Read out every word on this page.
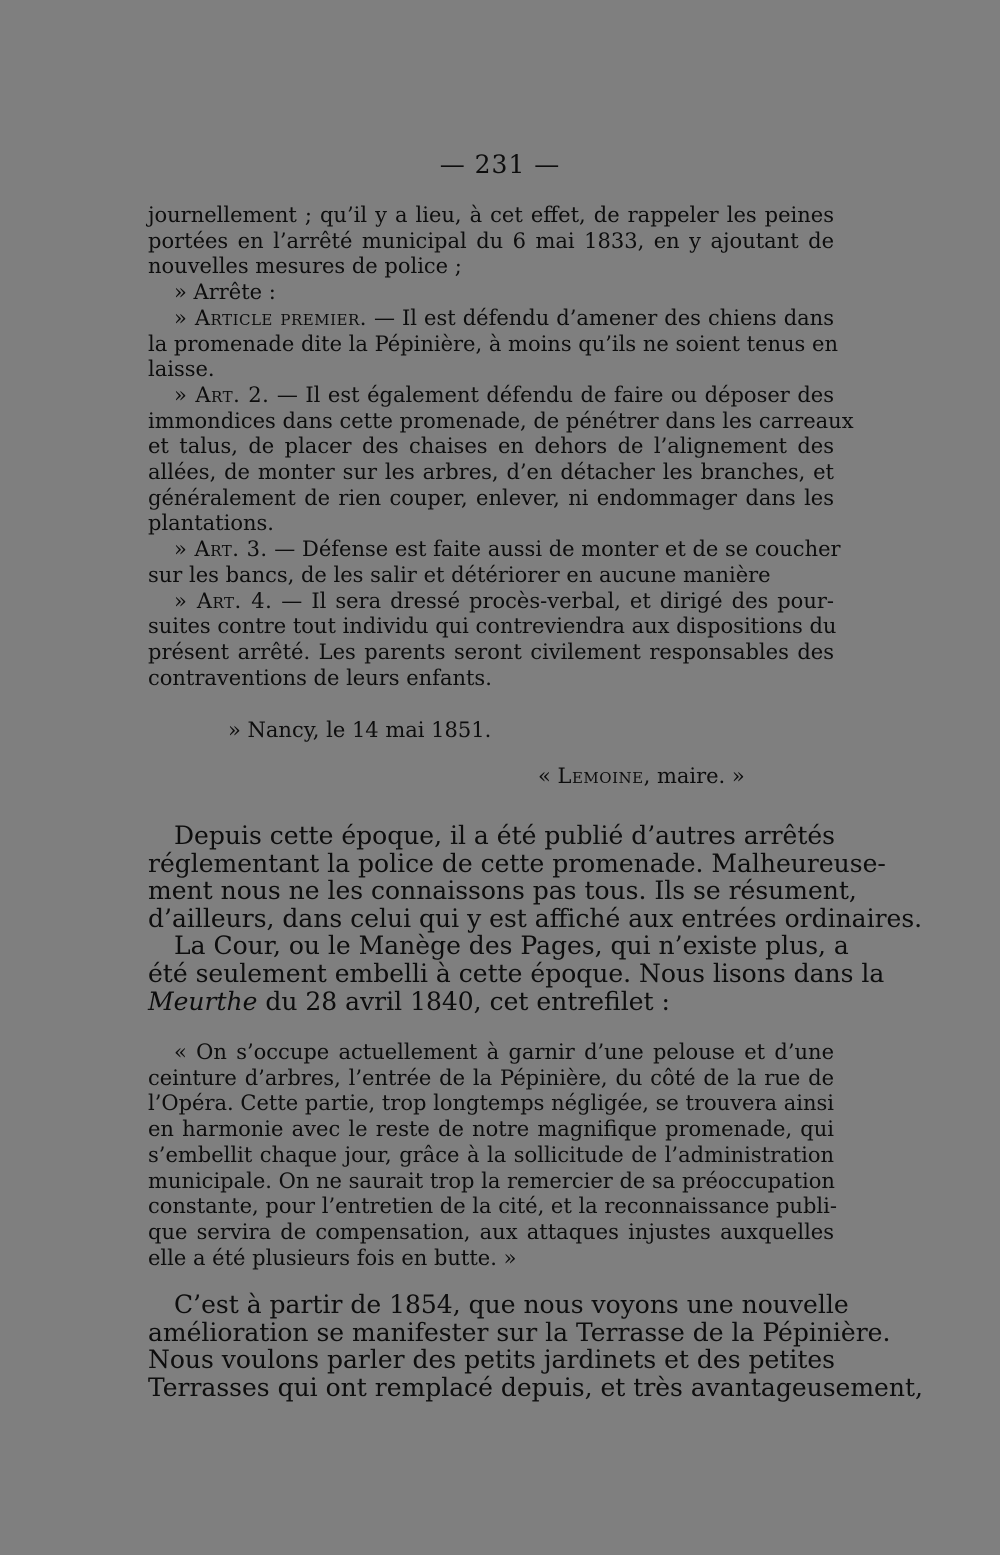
— 231 —
journellement ; qu’il y a lieu, à cet effet, de rappeler les peines
portées en l’arrêté municipal du 6 mai 1833, en y ajoutant de
nouvelles mesures de police ;
» Arrête :
» Article premier. — Il est défendu d’amener des chiens dans
la promenade dite la Pépinière, à moins qu’ils ne soient tenus en
laisse.
» Art. 2. — Il est également défendu de faire ou déposer des
immondices dans cette promenade, de pénétrer dans les carreaux
et talus, de placer des chaises en dehors de l’alignement des
allées, de monter sur les arbres, d’en détacher les branches, et
généralement de rien couper, enlever, ni endommager dans les
plantations.
» Art. 3. — Défense est faite aussi de monter et de se coucher
sur les bancs, de les salir et détériorer en aucune manière
» Art. 4. — Il sera dressé procès-verbal, et dirigé des pour-
suites contre tout individu qui contreviendra aux dispositions du
présent arrêté. Les parents seront civilement responsables des
contraventions de leurs enfants.
» Nancy, le 14 mai 1851.
« Lemoine, maire. »
Depuis cette époque, il a été publié d’autres arrêtés
réglementant la police de cette promenade. Malheureuse-
ment nous ne les connaissons pas tous. Ils se résument,
d’ailleurs, dans celui qui y est affiché aux entrées ordinaires.
La Cour, ou le Manège des Pages, qui n’existe plus, a
été seulement embelli à cette époque. Nous lisons dans la
Meurthe du 28 avril 1840, cet entrefilet :
« On s’occupe actuellement à garnir d’une pelouse et d’une
ceinture d’arbres, l’entrée de la Pépinière, du côté de la rue de
l’Opéra. Cette partie, trop longtemps négligée, se trouvera ainsi
en harmonie avec le reste de notre magnifique promenade, qui
s’embellit chaque jour, grâce à la sollicitude de l’administration
municipale. On ne saurait trop la remercier de sa préoccupation
constante, pour l’entretien de la cité, et la reconnaissance publi-
que servira de compensation, aux attaques injustes auxquelles
elle a été plusieurs fois en butte. »
C’est à partir de 1854, que nous voyons une nouvelle
amélioration se manifester sur la Terrasse de la Pépinière.
Nous voulons parler des petits jardinets et des petites
Terrasses qui ont remplacé depuis, et très avantageusement,
